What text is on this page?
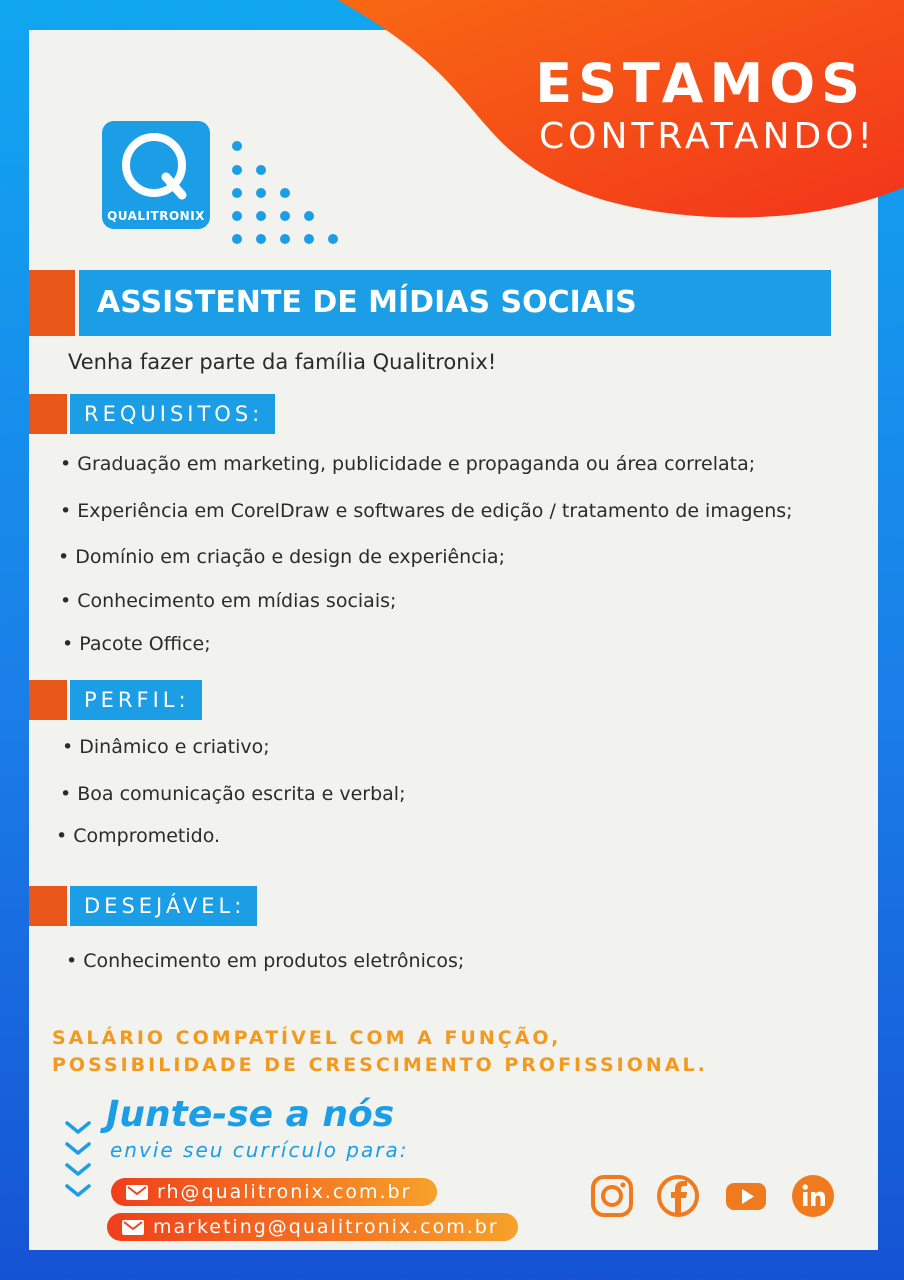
ESTAMOS
CONTRATANDO!
QUALITRONIX
ASSISTENTE DE MÍDIAS SOCIAIS
Venha fazer parte da família Qualitronix!
REQUISITOS:
• Graduação em marketing, publicidade e propaganda ou área correlata;
• Experiência em CorelDraw e softwares de edição / tratamento de imagens;
• Domínio em criação e design de experiência;
• Conhecimento em mídias sociais;
• Pacote Office;
PERFIL:
• Dinâmico e criativo;
• Boa comunicação escrita e verbal;
• Comprometido.
DESEJÁVEL:
• Conhecimento em produtos eletrônicos;
SALÁRIO COMPATÍVEL COM A FUNÇÃO,
POSSIBILIDADE DE CRESCIMENTO PROFISSIONAL.
Junte-se a nós
envie seu currículo para:
rh@qualitronix.com.br
marketing@qualitronix.com.br
